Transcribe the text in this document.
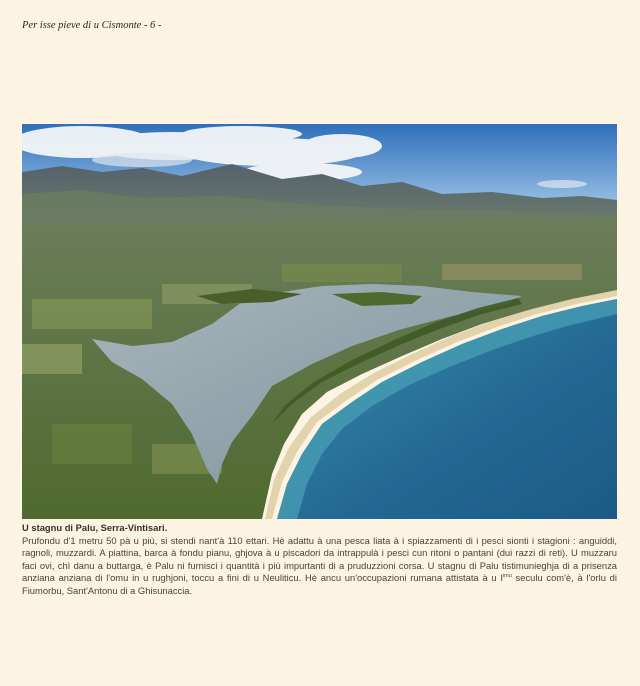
Per isse pieve di u Cismonte - 6 -
U stagnu di Palu, Serra-Vintisari.
Prufondu d'1 metru 50 pà u più, si stendi nant'à 110 ettari. Hè adattu à una pesca liata à i spiazzamenti di i pesci sionti i stagioni : anguiddi, ragnoli, muzzardi. A piattina, barca à fondu pianu, ghjova à u piscadori da intrappulà i pesci cun ritoni o pantani (dui razzi di reti). U muzzaru faci ovi, chì danu a buttarga, è Palu ni furnisci i quantità i più impurtanti di a pruduzzioni corsa. U stagnu di Palu tistimunieghja di a prisenza anziana anziana di l'omu in u rughjoni, toccu a fini di u Neuliticu. Hè ancu un'occupazioni rumana attistata à u $I^{imu}$ seculu com'è, à l'orlu di Fiumorbu, Sant'Antonu di a Ghisunaccia.
